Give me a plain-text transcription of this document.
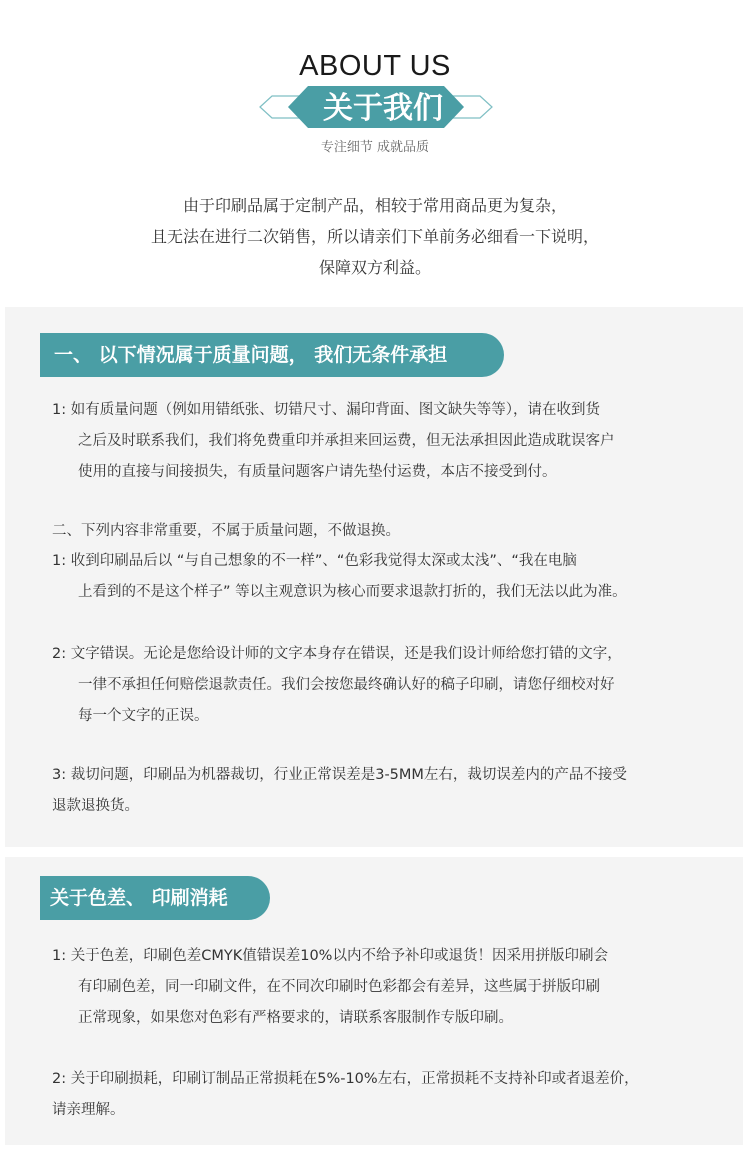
ABOUT US
关于我们
专注细节 成就品质

由于印刷品属于定制产品，相较于常用商品更为复杂，

且无法在进行二次销售，所以请亲们下单前务必细看一下说明，

保障双方利益。

一、 以下情况属于质量问题， 我们无条件承担
1: 如有质量问题（例如用错纸张、切错尺寸、漏印背面、图文缺失等等），请在收到货
之后及时联系我们，我们将免费重印并承担来回运费，但无法承担因此造成耽误客户
使用的直接与间接损失，有质量问题客户请先垫付运费，本店不接受到付。
二、下列内容非常重要，不属于质量问题，不做退换。
1: 收到印刷品后以 “与自己想象的不一样”、“色彩我觉得太深或太浅”、“我在电脑
上看到的不是这个样子” 等以主观意识为核心而要求退款打折的，我们无法以此为准。
2: 文字错误。无论是您给设计师的文字本身存在错误，还是我们设计师给您打错的文字，
一律不承担任何赔偿退款责任。我们会按您最终确认好的稿子印刷，请您仔细校对好
每一个文字的正误。
3: 裁切问题，印刷品为机器裁切，行业正常误差是3-5MM左右，裁切误差内的产品不接受
退款退换货。
关于色差、 印刷消耗
1: 关于色差，印刷色差CMYK值错误差10%以内不给予补印或退货！因采用拼版印刷会
有印刷色差，同一印刷文件，在不同次印刷时色彩都会有差异，这些属于拼版印刷
正常现象，如果您对色彩有严格要求的，请联系客服制作专版印刷。
2: 关于印刷损耗，印刷订制品正常损耗在5%-10%左右，正常损耗不支持补印或者退差价，
请亲理解。
